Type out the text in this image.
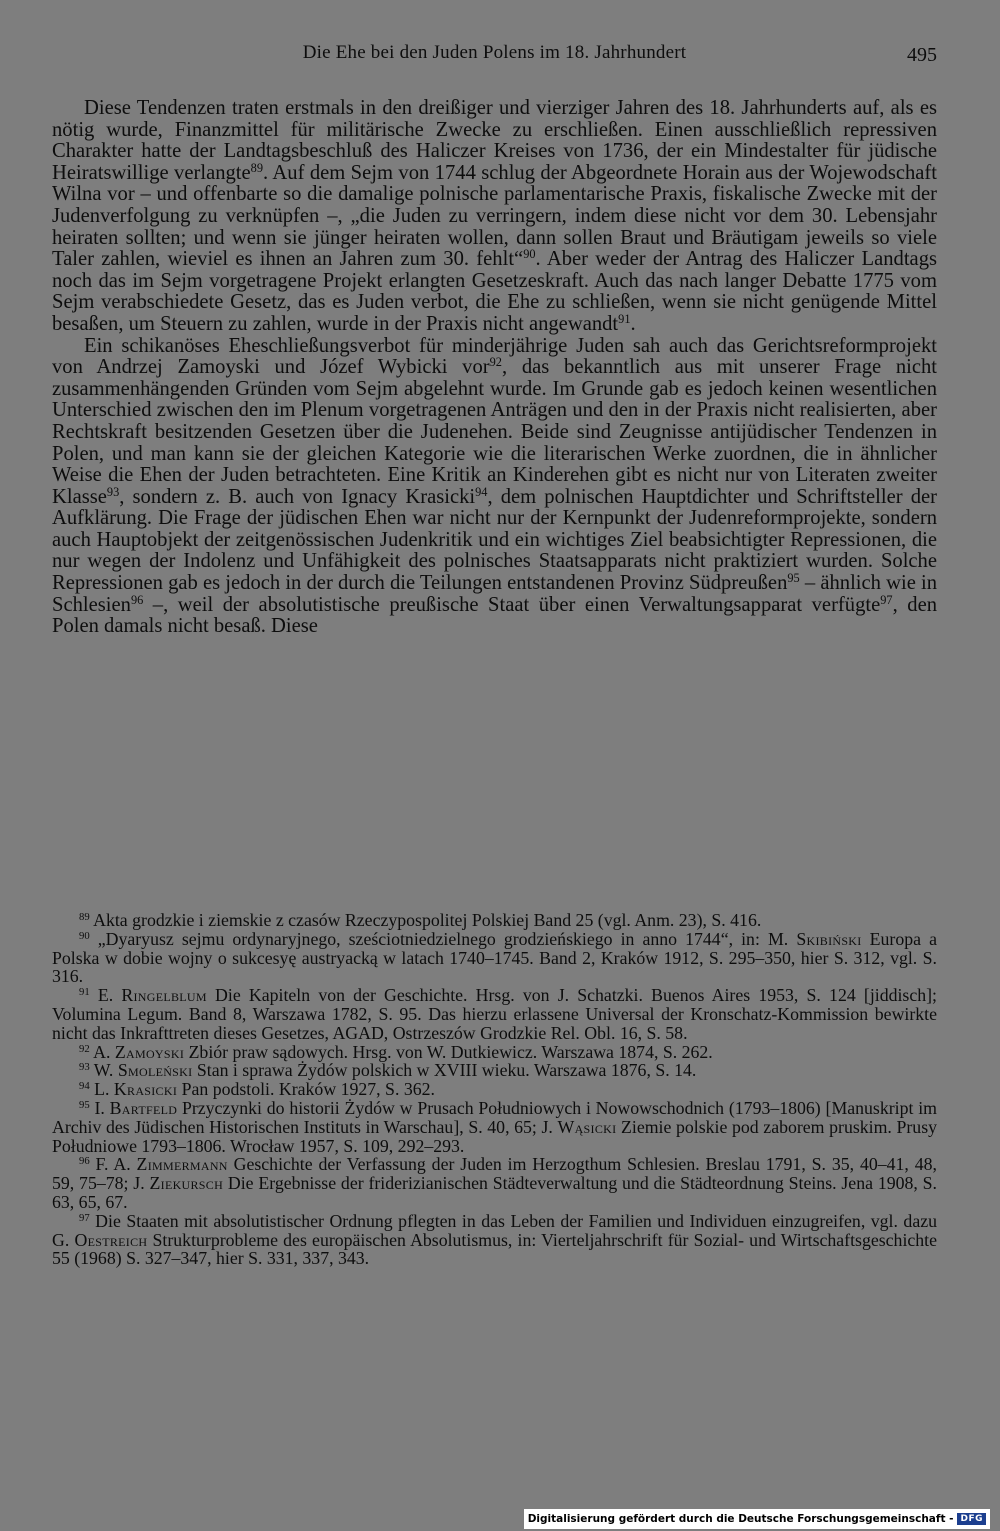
Die Ehe bei den Juden Polens im 18. Jahrhundert	495

Diese Tendenzen traten erstmals in den dreißiger und vierziger Jahren des 18. Jahrhunderts auf, als es nötig wurde, Finanzmittel für militärische Zwecke zu erschließen. Einen ausschließlich repressiven Charakter hatte der Landtagsbeschluß des Haliczer Kreises von 1736, der ein Mindestalter für jüdische Heiratswillige verlangte$^{89}$. Auf dem Sejm von 1744 schlug der Abgeordnete Horain aus der Wojewodschaft Wilna vor – und offenbarte so die damalige polnische parlamentarische Praxis, fiskalische Zwecke mit der Judenverfolgung zu verknüpfen –, „die Juden zu verringern, indem diese nicht vor dem 30. Lebensjahr heiraten sollten; und wenn sie jünger heiraten wollen, dann sollen Braut und Bräutigam jeweils so viele Taler zahlen, wieviel es ihnen an Jahren zum 30. fehlt“$^{90}$. Aber weder der Antrag des Haliczer Landtags noch das im Sejm vorgetragene Projekt erlangten Gesetzeskraft. Auch das nach langer Debatte 1775 vom Sejm verabschiedete Gesetz, das es Juden verbot, die Ehe zu schließen, wenn sie nicht genügende Mittel besaßen, um Steuern zu zahlen, wurde in der Praxis nicht angewandt$^{91}$.

Ein schikanöses Eheschließungsverbot für minderjährige Juden sah auch das Gerichtsreformprojekt von Andrzej Zamoyski und Józef Wybicki vor$^{92}$, das bekanntlich aus mit unserer Frage nicht zusammenhängenden Gründen vom Sejm abgelehnt wurde. Im Grunde gab es jedoch keinen wesentlichen Unterschied zwischen den im Plenum vorgetragenen Anträgen und den in der Praxis nicht realisierten, aber Rechtskraft besitzenden Gesetzen über die Judenehen. Beide sind Zeugnisse antijüdischer Tendenzen in Polen, und man kann sie der gleichen Kategorie wie die literarischen Werke zuordnen, die in ähnlicher Weise die Ehen der Juden betrachteten. Eine Kritik an Kinderehen gibt es nicht nur von Literaten zweiter Klasse$^{93}$, sondern z. B. auch von Ignacy Krasicki$^{94}$, dem polnischen Hauptdichter und Schriftsteller der Aufklärung. Die Frage der jüdischen Ehen war nicht nur der Kernpunkt der Judenreformprojekte, sondern auch Hauptobjekt der zeitgenössischen Judenkritik und ein wichtiges Ziel beabsichtigter Repressionen, die nur wegen der Indolenz und Unfähigkeit des polnisches Staatsapparats nicht praktiziert wurden. Solche Repressionen gab es jedoch in der durch die Teilungen entstandenen Provinz Südpreußen$^{95}$ – ähnlich wie in Schlesien$^{96}$ –, weil der absolutistische preußische Staat über einen Verwaltungsapparat verfügte$^{97}$, den Polen damals nicht besaß. Diese

$^{89}$ Akta grodzkie i ziemskie z czasów Rzeczypospolitej Polskiej Band 25 (vgl. Anm. 23), S. 416.

$^{90}$ „Dyaryusz sejmu ordynaryjnego, sześciotniedzielnego grodzieńskiego in anno 1744“, in: M. Skibiński Europa a Polska w dobie wojny o sukcesyę austryacką w latach 1740–1745. Band 2, Kraków 1912, S. 295–350, hier S. 312, vgl. S. 316.

$^{91}$ E. Ringelblum Die Kapiteln von der Geschichte. Hrsg. von J. Schatzki. Buenos Aires 1953, S. 124 [jiddisch]; Volumina Legum. Band 8, Warszawa 1782, S. 95. Das hierzu erlassene Universal der Kronschatz-Kommission bewirkte nicht das Inkrafttreten dieses Gesetzes, AGAD, Ostrzeszów Grodzkie Rel. Obl. 16, S. 58.

$^{92}$ A. Zamoyski Zbiór praw sądowych. Hrsg. von W. Dutkiewicz. Warszawa 1874, S. 262.

$^{93}$ W. Smoleński Stan i sprawa Żydów polskich w XVIII wieku. Warszawa 1876, S. 14.

$^{94}$ L. Krasicki Pan podstoli. Kraków 1927, S. 362.

$^{95}$ I. Bartfeld Przyczynki do historii Żydów w Prusach Południowych i Nowowschodnich (1793–1806) [Manuskript im Archiv des Jüdischen Historischen Instituts in Warschau], S. 40, 65; J. Wąsicki Ziemie polskie pod zaborem pruskim. Prusy Południowe 1793–1806. Wrocław 1957, S. 109, 292–293.

$^{96}$ F. A. Zimmermann Geschichte der Verfassung der Juden im Herzogthum Schlesien. Breslau 1791, S. 35, 40–41, 48, 59, 75–78; J. Ziekursch Die Ergebnisse der friderizianischen Städteverwaltung und die Städteordnung Steins. Jena 1908, S. 63, 65, 67.

$^{97}$ Die Staaten mit absolutistischer Ordnung pflegten in das Leben der Familien und Individuen einzugreifen, vgl. dazu G. Oestreich Strukturprobleme des europäischen Absolutismus, in: Vierteljahrschrift für Sozial- und Wirtschaftsgeschichte 55 (1968) S. 327–347, hier S. 331, 337, 343.

Digitalisierung gefördert durch die Deutsche Forschungsgemeinschaft - DFG
